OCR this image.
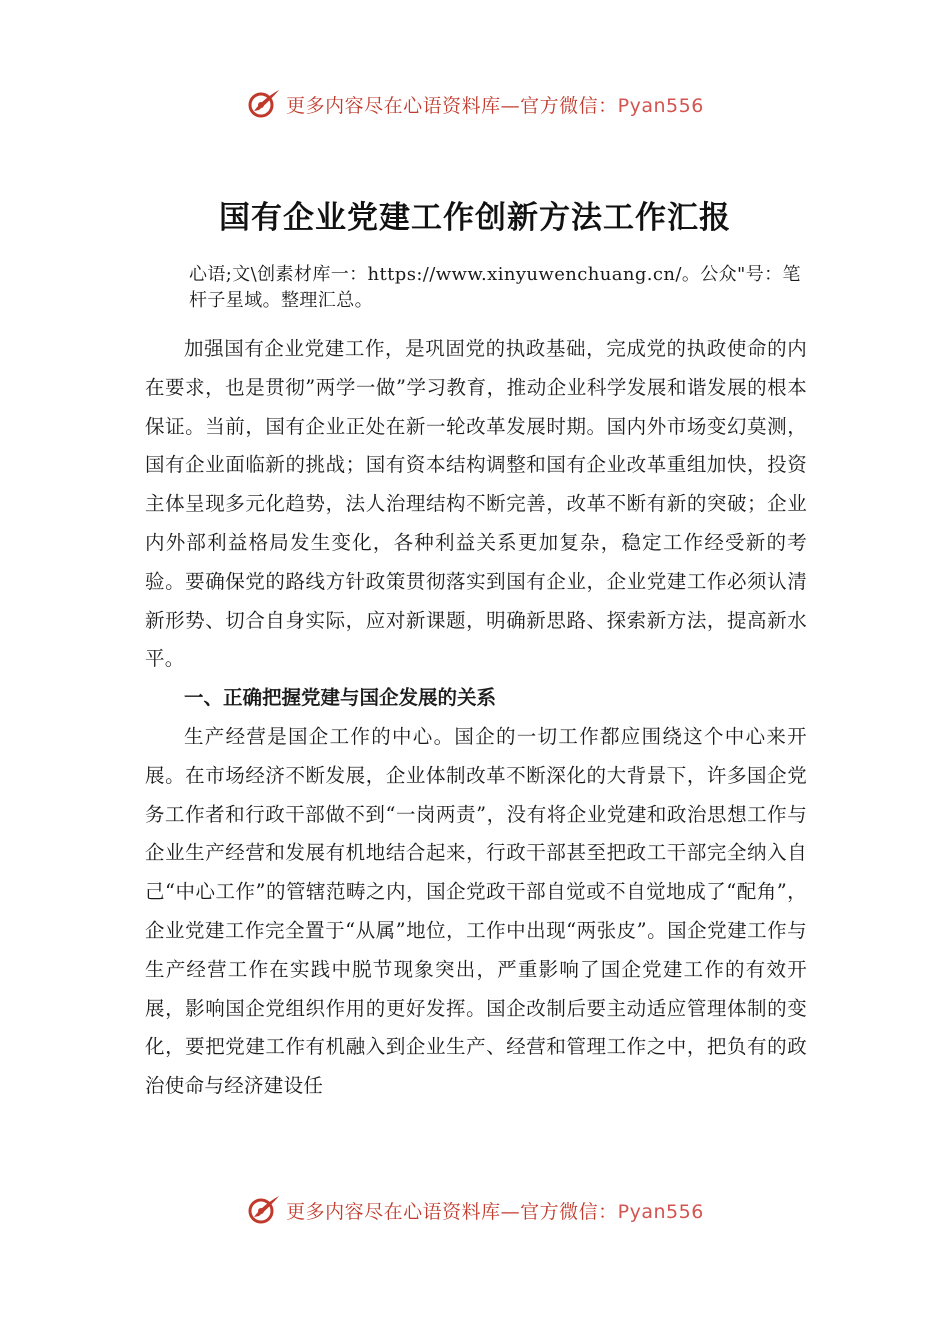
更多内容尽在心语资料库—官方微信：Pyan556
国有企业党建工作创新方法工作汇报

心语;文\创素材库一：https://www.xinyuwenchuang.cn/。公众"号：笔杆子星域。整理汇总。

加强国有企业党建工作，是巩固党的执政基础，完成党的执政使命的内在要求，也是贯彻”两学一做”学习教育，推动企业科学发展和谐发展的根本保证。当前，国有企业正处在新一轮改革发展时期。国内外市场变幻莫测，国有企业面临新的挑战；国有资本结构调整和国有企业改革重组加快，投资主体呈现多元化趋势，法人治理结构不断完善，改革不断有新的突破；企业内外部利益格局发生变化，各种利益关系更加复杂，稳定工作经受新的考验。要确保党的路线方针政策贯彻落实到国有企业，企业党建工作必须认清新形势、切合自身实际，应对新课题，明确新思路、探索新方法，提高新水平。

一、正确把握党建与国企发展的关系

生产经营是国企工作的中心。国企的一切工作都应围绕这个中心来开展。在市场经济不断发展，企业体制改革不断深化的大背景下，许多国企党务工作者和行政干部做不到“一岗两责”，没有将企业党建和政治思想工作与企业生产经营和发展有机地结合起来，行政干部甚至把政工干部完全纳入自己“中心工作”的管辖范畴之内，国企党政干部自觉或不自觉地成了“配角”，企业党建工作完全置于“从属”地位，工作中出现“两张皮”。国企党建工作与生产经营工作在实践中脱节现象突出，严重影响了国企党建工作的有效开展，影响国企党组织作用的更好发挥。国企改制后要主动适应管理体制的变化，要把党建工作有机融入到企业生产、经营和管理工作之中，把负有的政治使命与经济建设任

更多内容尽在心语资料库—官方微信：Pyan556
